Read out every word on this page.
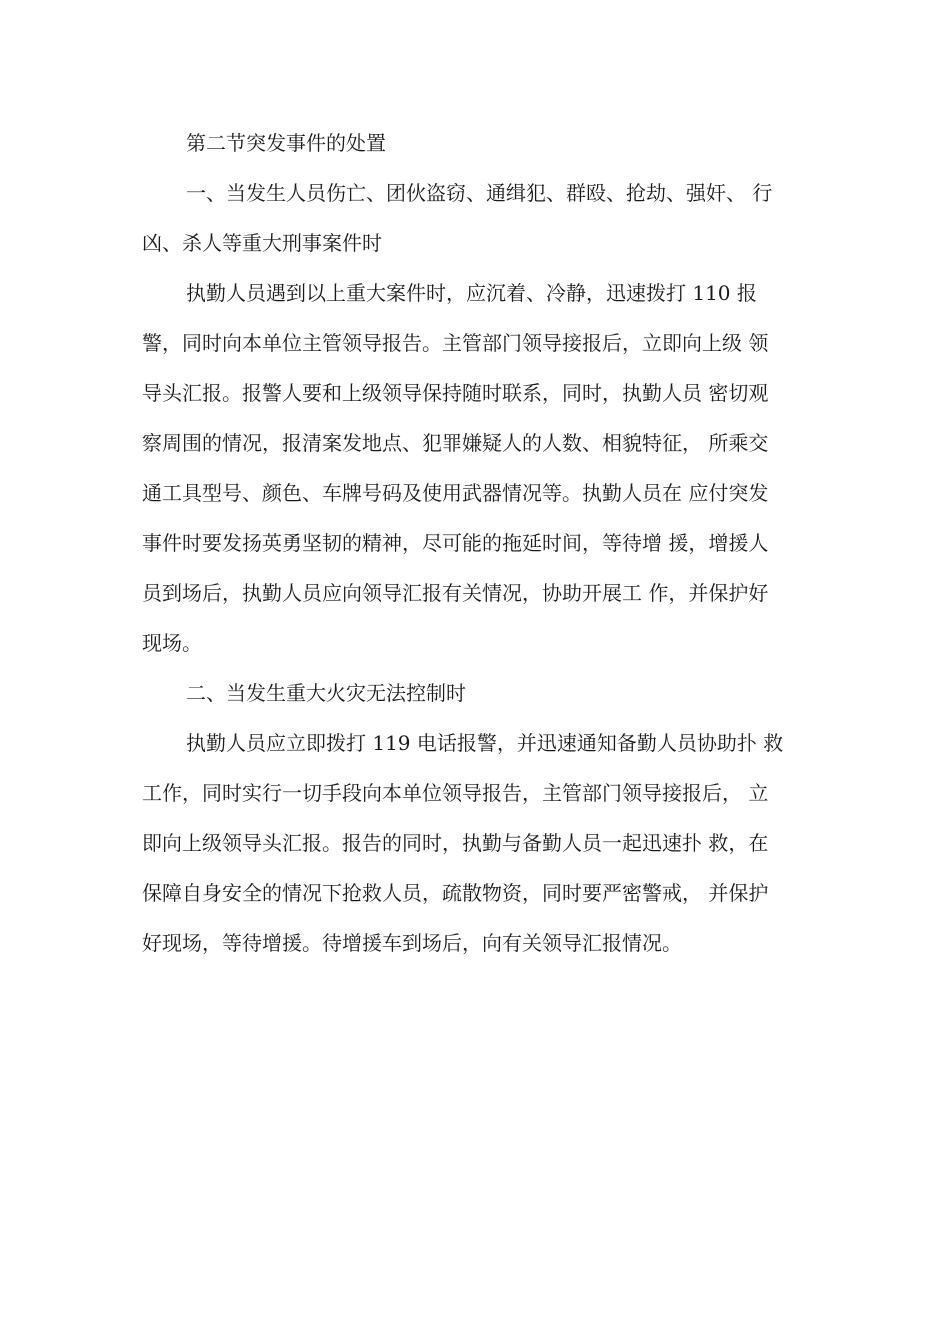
第二节突发事件的处置
一、当发生人员伤亡、团伙盗窃、通缉犯、群殴、抢劫、强奸、 行
凶、杀人等重大刑事案件时
执勤人员遇到以上重大案件时，应沉着、冷静，迅速拨打 110 报
警，同时向本单位主管领导报告。主管部门领导接报后，立即向上级 领
导头汇报。报警人要和上级领导保持随时联系，同时，执勤人员 密切观
察周围的情况，报清案发地点、犯罪嫌疑人的人数、相貌特征， 所乘交
通工具型号、颜色、车牌号码及使用武器情况等。执勤人员在 应付突发
事件时要发扬英勇坚韧的精神，尽可能的拖延时间，等待增 援，增援人
员到场后，执勤人员应向领导汇报有关情况，协助开展工 作，并保护好
现场。
二、当发生重大火灾无法控制时
执勤人员应立即拨打 119 电话报警，并迅速通知备勤人员协助扑 救
工作，同时实行一切手段向本单位领导报告，主管部门领导接报后， 立
即向上级领导头汇报。报告的同时，执勤与备勤人员一起迅速扑 救，在
保障自身安全的情况下抢救人员，疏散物资，同时要严密警戒， 并保护
好现场，等待增援。待增援车到场后，向有关领导汇报情况。
